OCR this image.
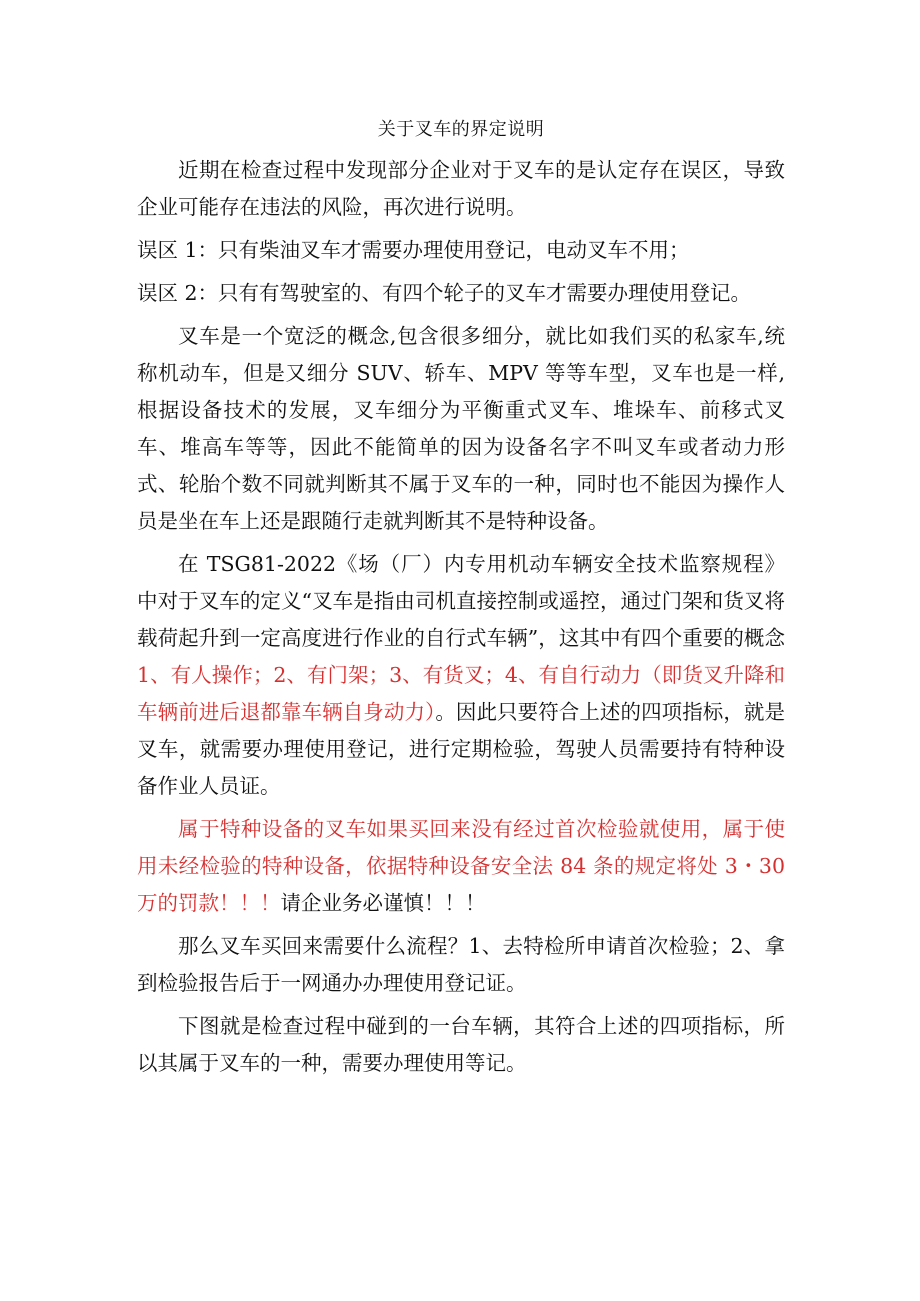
关于叉车的界定说明

近期在检查过程中发现部分企业对于叉车的是认定存在误区，导致企业可能存在违法的风险，再次进行说明。

误区 1：只有柴油叉车才需要办理使用登记，电动叉车不用；

误区 2：只有有驾驶室的、有四个轮子的叉车才需要办理使用登记。

叉车是一个宽泛的概念,包含很多细分，就比如我们买的私家车,统称机动车，但是又细分 SUV、轿车、MPV 等等车型，叉车也是一样,根据设备技术的发展，叉车细分为平衡重式叉车、堆垛车、前移式叉车、堆高车等等，因此不能简单的因为设备名字不叫叉车或者动力形式、轮胎个数不同就判断其不属于叉车的一种，同时也不能因为操作人员是坐在车上还是跟随行走就判断其不是特种设备。

在 TSG81-2022《场（厂）内专用机动车辆安全技术监察规程》中对于叉车的定义“叉车是指由司机直接控制或遥控，通过门架和货叉将载荷起升到一定高度进行作业的自行式车辆”，这其中有四个重要的概念 1、有人操作；2、有门架；3、有货叉；4、有自行动力（即货叉升降和车辆前进后退都靠车辆自身动力）。因此只要符合上述的四项指标，就是叉车，就需要办理使用登记，进行定期检验，驾驶人员需要持有特种设备作业人员证。

属于特种设备的叉车如果买回来没有经过首次检验就使用，属于使用未经检验的特种设备，依据特种设备安全法 84 条的规定将处 3・30 万的罚款！！！请企业务必谨慎！！！

那么叉车买回来需要什么流程？1、去特检所申请首次检验；2、拿到检验报告后于一网通办办理使用登记证。

下图就是检查过程中碰到的一台车辆，其符合上述的四项指标，所以其属于叉车的一种，需要办理使用等记。
